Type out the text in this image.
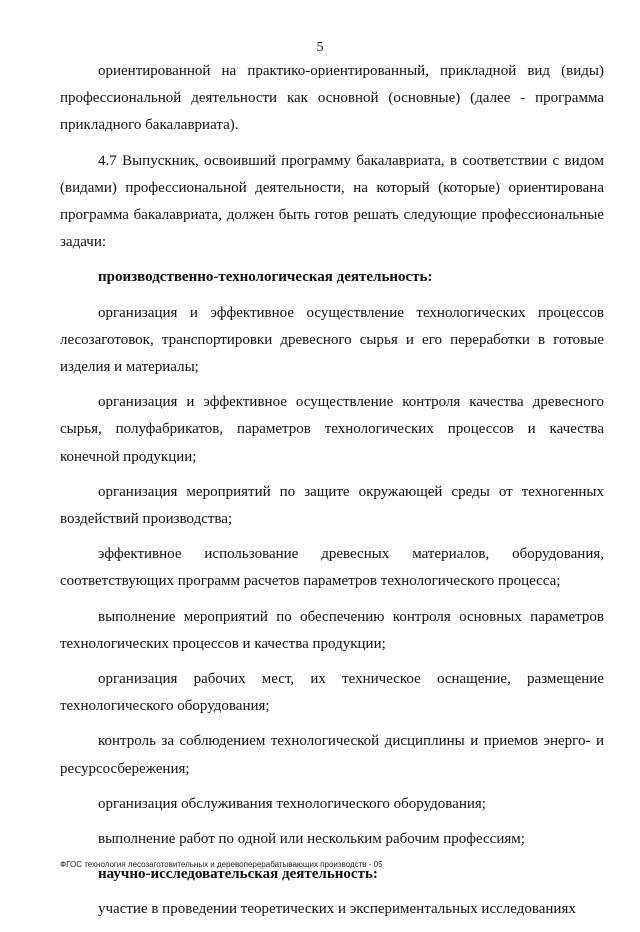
5

ориентированной на практико-ориентированный, прикладной вид (виды) профессиональной деятельности как основной (основные) (далее - программа прикладного бакалавриата).

4.7 Выпускник, освоивший программу бакалавриата, в соответствии с видом (видами) профессиональной деятельности, на который (которые) ориентирована программа бакалавриата, должен быть готов решать следующие профессиональные задачи:

производственно-технологическая деятельность:

организация и эффективное осуществление технологических процессов лесозаготовок, транспортировки древесного сырья и его переработки в готовые изделия и материалы;

организация и эффективное осуществление контроля качества древесного сырья, полуфабрикатов, параметров технологических процессов и качества конечной продукции;

организация мероприятий по защите окружающей среды от техногенных воздействий производства;

эффективное использование древесных материалов, оборудования, соответствующих программ расчетов параметров технологического процесса;

выполнение мероприятий по обеспечению контроля основных параметров технологических процессов и качества продукции;

организация рабочих мест, их техническое оснащение, размещение технологического оборудования;

контроль за соблюдением технологической дисциплины и приемов энерго- и ресурсосбережения;

организация обслуживания технологического оборудования;

выполнение работ по одной или нескольким рабочим профессиям;

научно-исследовательская деятельность:

участие в проведении теоретических и экспериментальных исследованиях

ФГОС технология лесозаготовительных и деревоперерабатывающих производств - 05
